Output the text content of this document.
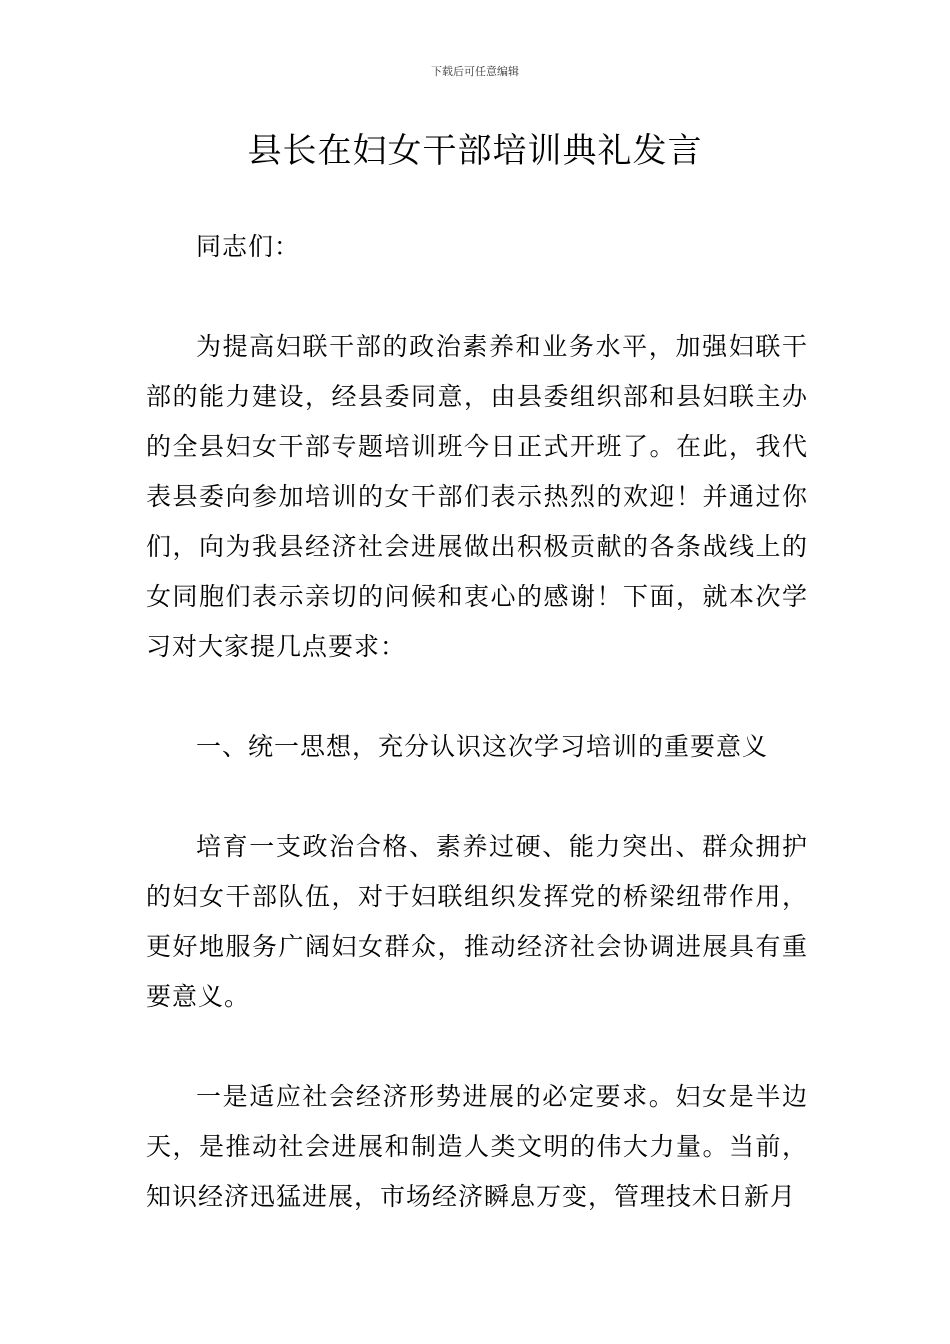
下载后可任意编辑
县长在妇女干部培训典礼发言

同志们：

为提高妇联干部的政治素养和业务水平，加强妇联干部的能力建设，经县委同意，由县委组织部和县妇联主办的全县妇女干部专题培训班今日正式开班了。在此，我代表县委向参加培训的女干部们表示热烈的欢迎！并通过你们，向为我县经济社会进展做出积极贡献的各条战线上的女同胞们表示亲切的问候和衷心的感谢！下面，就本次学习对大家提几点要求：

一、统一思想，充分认识这次学习培训的重要意义

培育一支政治合格、素养过硬、能力突出、群众拥护的妇女干部队伍，对于妇联组织发挥党的桥梁纽带作用，更好地服务广阔妇女群众，推动经济社会协调进展具有重要意义。

一是适应社会经济形势进展的必定要求。妇女是半边天，是推动社会进展和制造人类文明的伟大力量。当前，知识经济迅猛进展，市场经济瞬息万变，管理技术日新月
